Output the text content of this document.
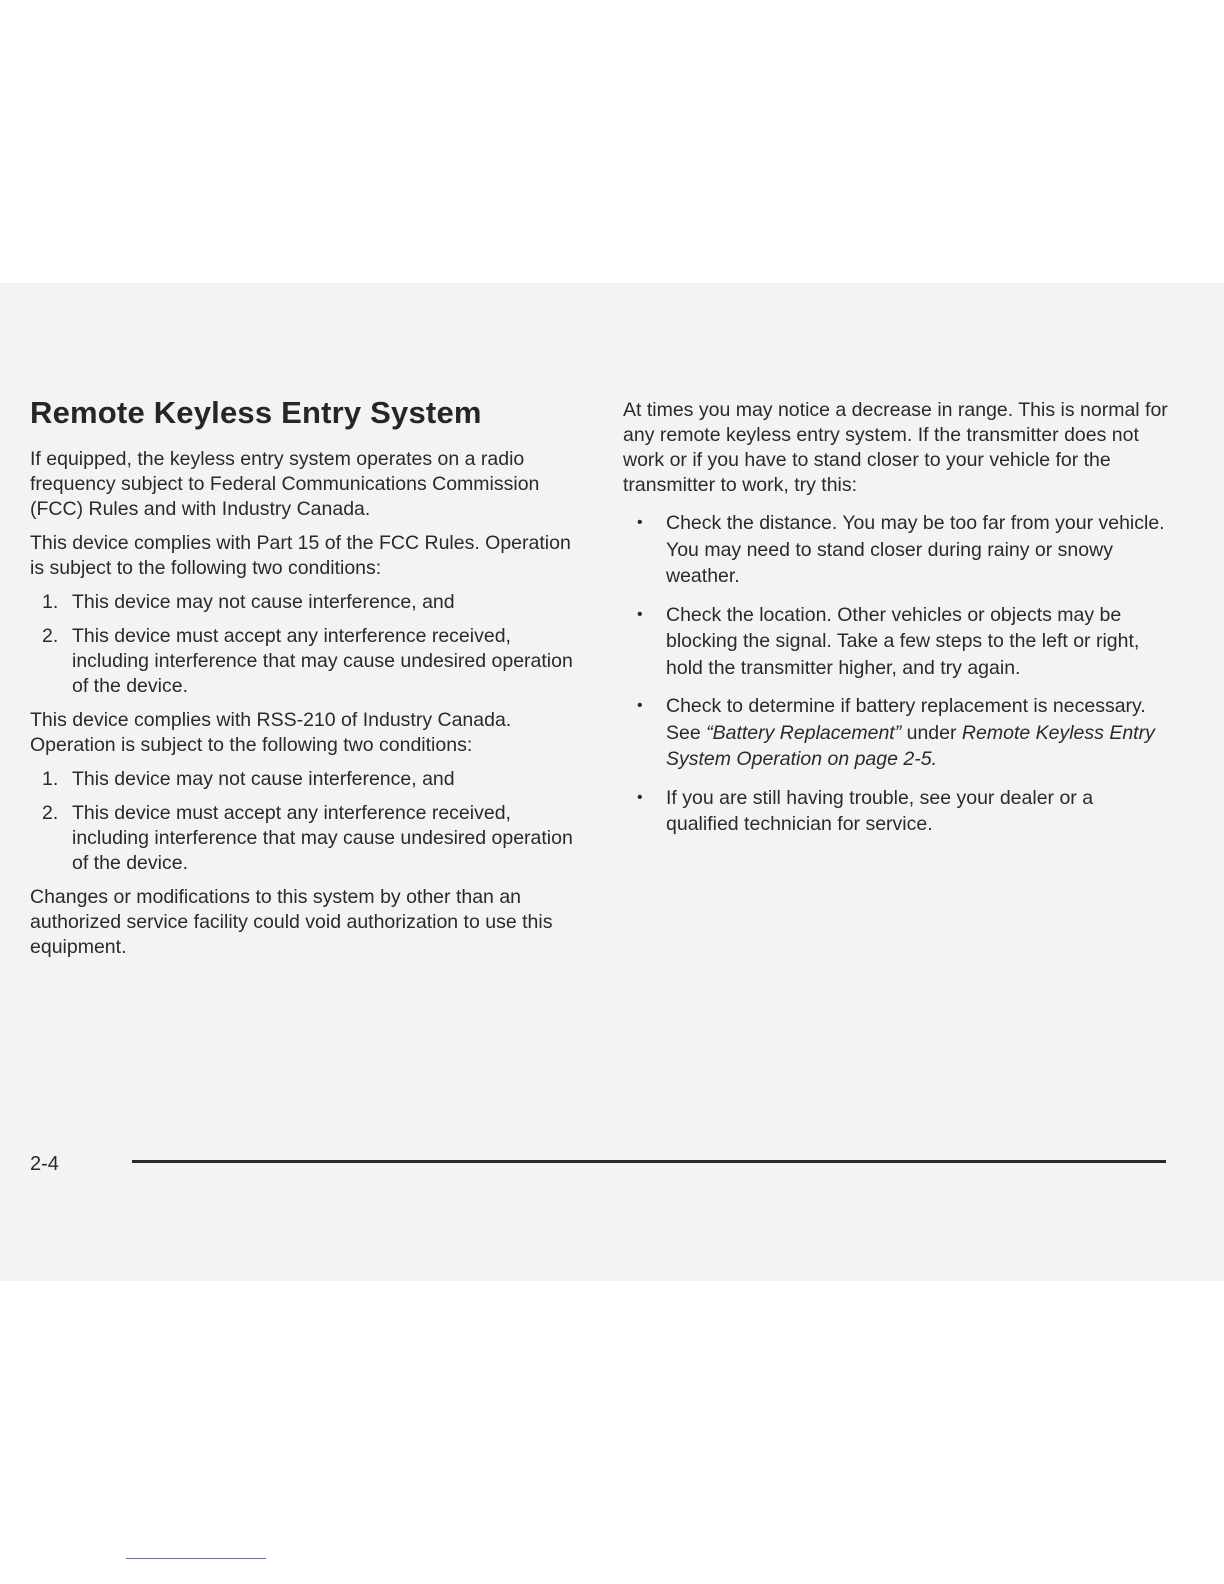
Remote Keyless Entry System

If equipped, the keyless entry system operates on a radio frequency subject to Federal Communications Commission (FCC) Rules and with Industry Canada.

This device complies with Part 15 of the FCC Rules. Operation is subject to the following two conditions:

1. This device may not cause interference, and
2. This device must accept any interference received, including interference that may cause undesired operation of the device.

This device complies with RSS-210 of Industry Canada. Operation is subject to the following two conditions:

1. This device may not cause interference, and
2. This device must accept any interference received, including interference that may cause undesired operation of the device.

Changes or modifications to this system by other than an authorized service facility could void authorization to use this equipment.

At times you may notice a decrease in range. This is normal for any remote keyless entry system. If the transmitter does not work or if you have to stand closer to your vehicle for the transmitter to work, try this:

• Check the distance. You may be too far from your vehicle. You may need to stand closer during rainy or snowy weather.
• Check the location. Other vehicles or objects may be blocking the signal. Take a few steps to the left or right, hold the transmitter higher, and try again.
• Check to determine if battery replacement is necessary. See “Battery Replacement” under Remote Keyless Entry System Operation on page 2-5.
• If you are still having trouble, see your dealer or a qualified technician for service.
2-4
